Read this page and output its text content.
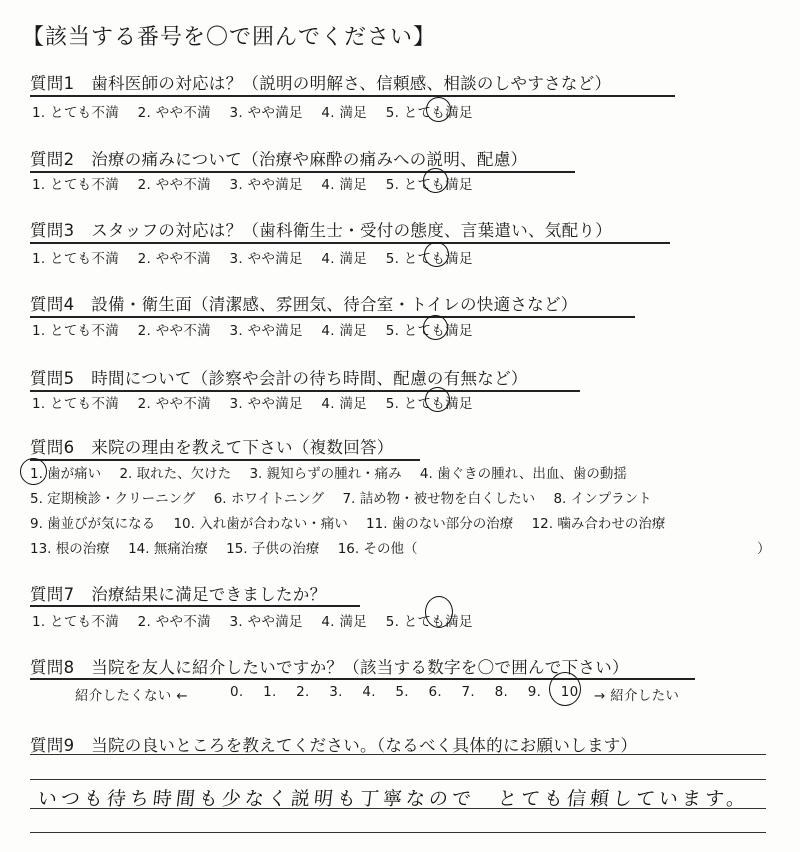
【該当する番号を〇で囲んでください】
質問1　歯科医師の対応は？（説明の明解さ、信頼感、相談のしやすさなど）
1. とても不満 2. やや不満 3. やや満足 4. 満足 5. とても満足
質問2　治療の痛みについて（治療や麻酔の痛みへの説明、配慮）
1. とても不満 2. やや不満 3. やや満足 4. 満足 5. とても満足
質問3　スタッフの対応は？（歯科衛生士・受付の態度、言葉遣い、気配り）
1. とても不満 2. やや不満 3. やや満足 4. 満足 5. とても満足
質問4　設備・衛生面（清潔感、雰囲気、待合室・トイレの快適さなど）
1. とても不満 2. やや不満 3. やや満足 4. 満足 5. とても満足
質問5　時間について（診察や会計の待ち時間、配慮の有無など）
1. とても不満 2. やや不満 3. やや満足 4. 満足 5. とても満足
質問6　来院の理由を教えて下さい（複数回答）
1. 歯が痛い 2. 取れた、欠けた 3. 親知らずの腫れ・痛み 4. 歯ぐきの腫れ、出血、歯の動揺
5. 定期検診・クリーニング 6. ホワイトニング 7. 詰め物・被せ物を白くしたい 8. インプラント
9. 歯並びが気になる 10. 入れ歯が合わない・痛い 11. 歯のない部分の治療 12. 噛み合わせの治療
13. 根の治療 14. 無痛治療 15. 子供の治療 16. その他（	）
質問7　治療結果に満足できましたか？
1. とても不満 2. やや不満 3. やや満足 4. 満足 5. とても満足
質問8　当院を友人に紹介したいですか？（該当する数字を〇で囲んで下さい）
紹介したくない ←	0. 1. 2. 3. 4. 5. 6. 7. 8. 9. 10	→ 紹介したい
質問9　当院の良いところを教えてください。（なるべく具体的にお願いします）
いつも待ち時間も少なく説明も丁寧なので　とても信頼しています。
